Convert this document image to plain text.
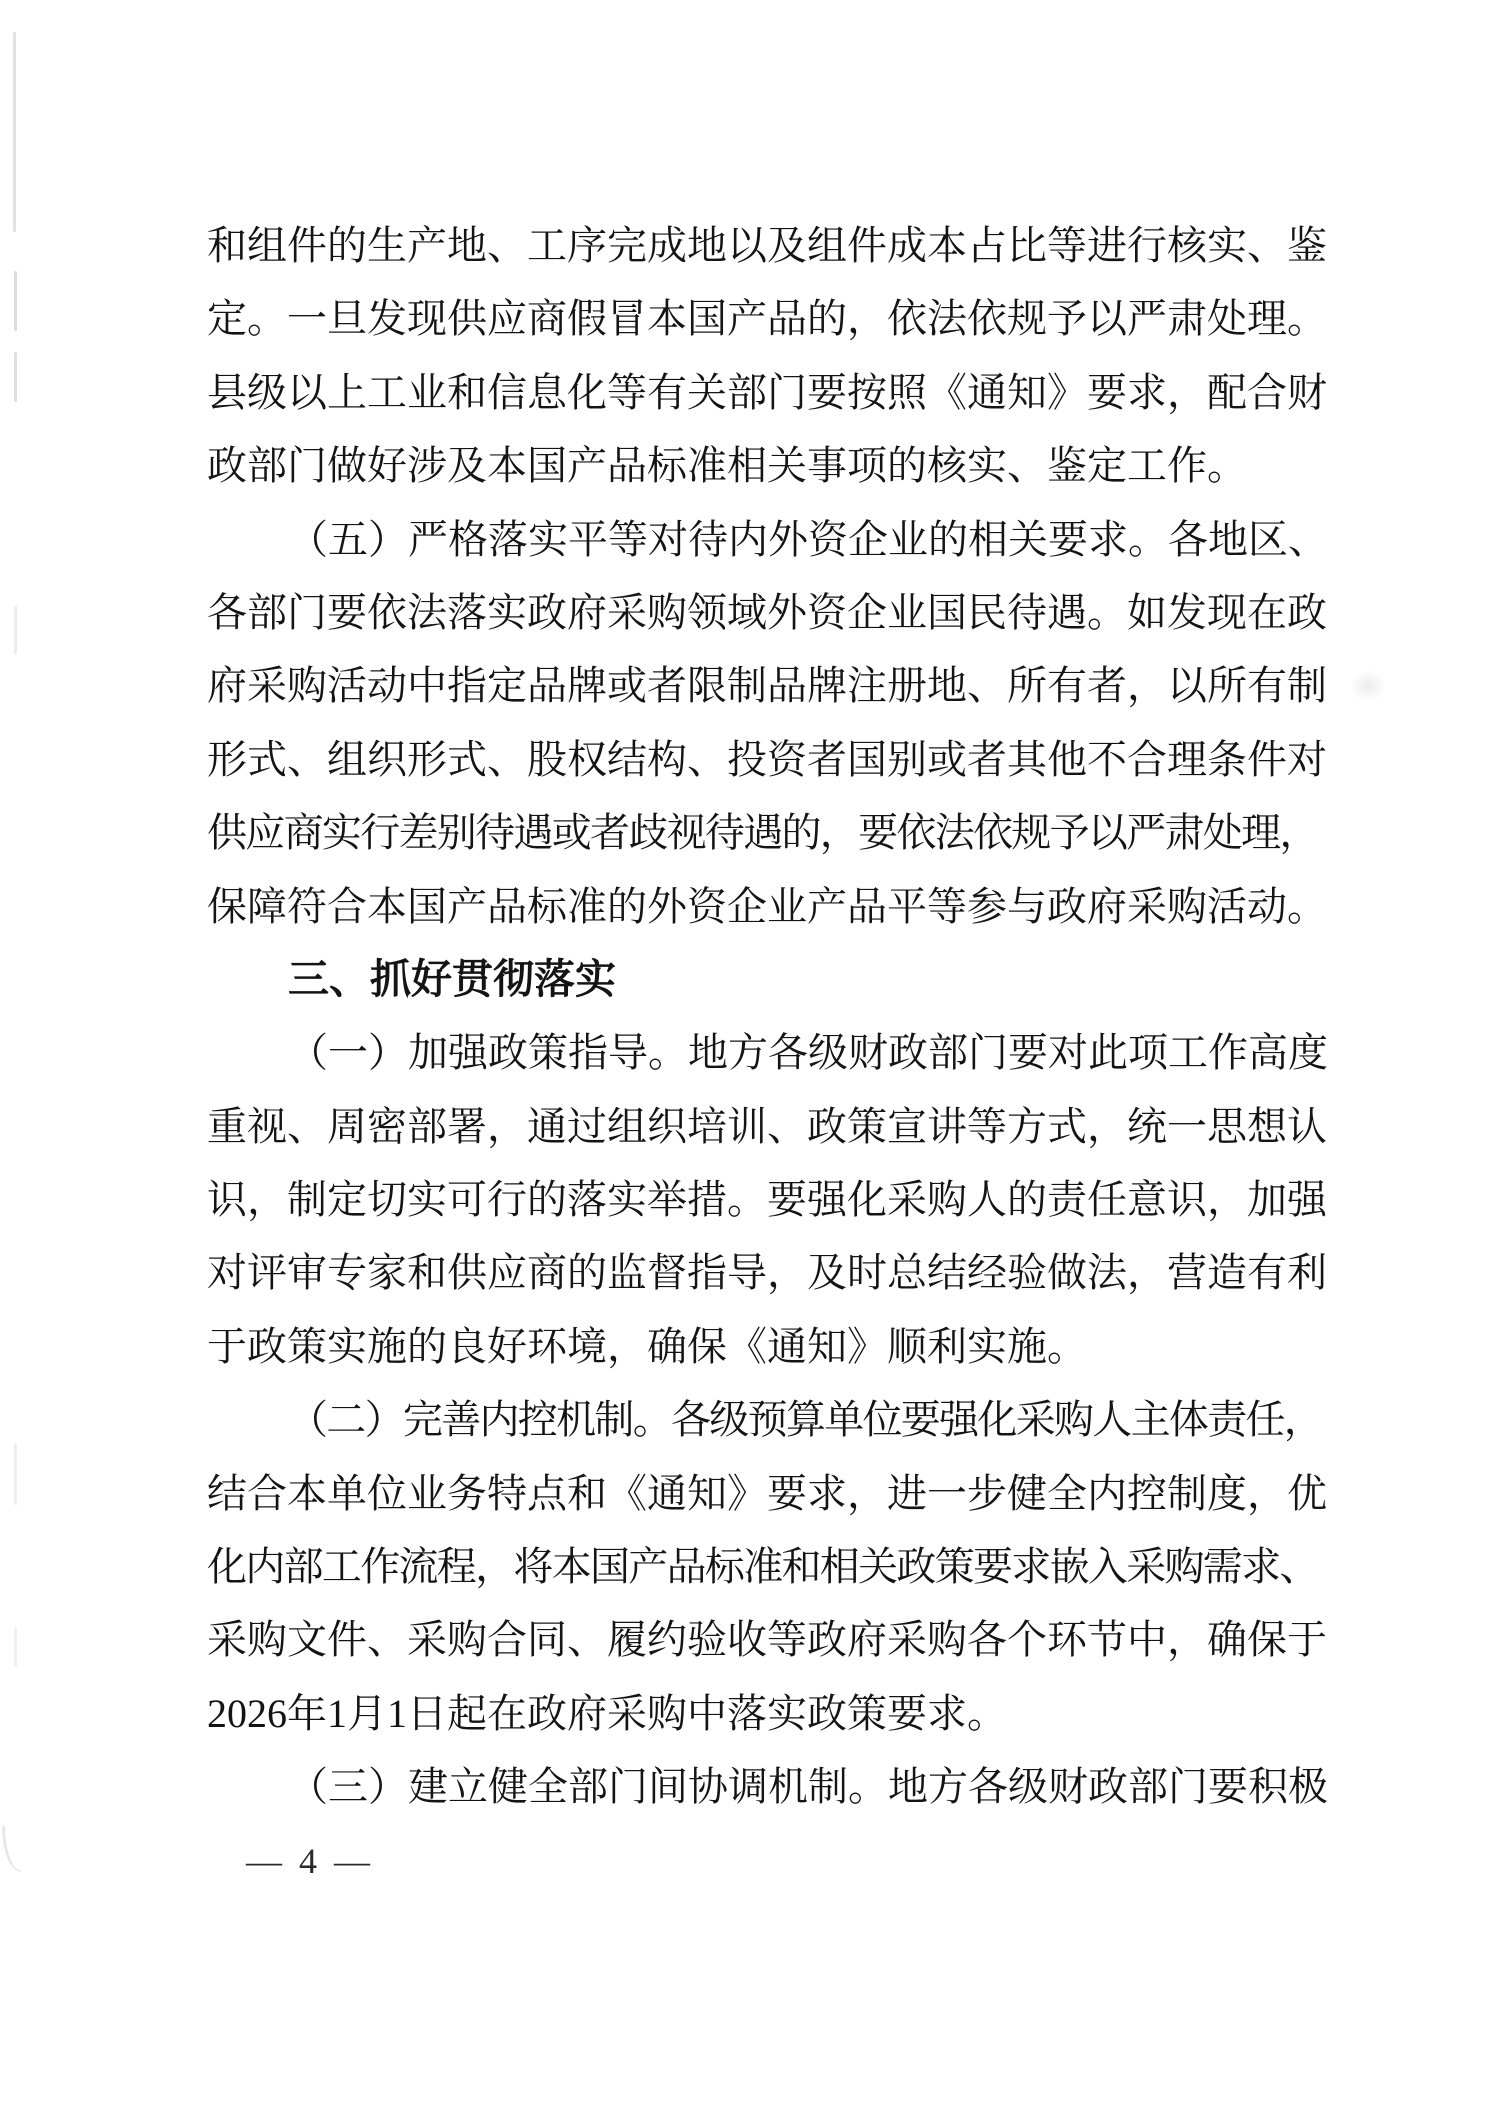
和组件的生产地、工序完成地以及组件成本占比等进行核实、鉴
定。一旦发现供应商假冒本国产品的，依法依规予以严肃处理。
县级以上工业和信息化等有关部门要按照《通知》要求，配合财
政部门做好涉及本国产品标准相关事项的核实、鉴定工作。
（五）严格落实平等对待内外资企业的相关要求。各地区、
各部门要依法落实政府采购领域外资企业国民待遇。如发现在政
府采购活动中指定品牌或者限制品牌注册地、所有者，以所有制
形式、组织形式、股权结构、投资者国别或者其他不合理条件对
供应商实行差别待遇或者歧视待遇的，要依法依规予以严肃处理，
保障符合本国产品标准的外资企业产品平等参与政府采购活动。
三、抓好贯彻落实
（一）加强政策指导。地方各级财政部门要对此项工作高度
重视、周密部署，通过组织培训、政策宣讲等方式，统一思想认
识，制定切实可行的落实举措。要强化采购人的责任意识，加强
对评审专家和供应商的监督指导，及时总结经验做法，营造有利
于政策实施的良好环境，确保《通知》顺利实施。
（二）完善内控机制。各级预算单位要强化采购人主体责任，
结合本单位业务特点和《通知》要求，进一步健全内控制度，优
化内部工作流程，将本国产品标准和相关政策要求嵌入采购需求、
采购文件、采购合同、履约验收等政府采购各个环节中，确保于
2026年1月1日起在政府采购中落实政策要求。
（三）建立健全部门间协调机制。地方各级财政部门要积极
— 4 —
